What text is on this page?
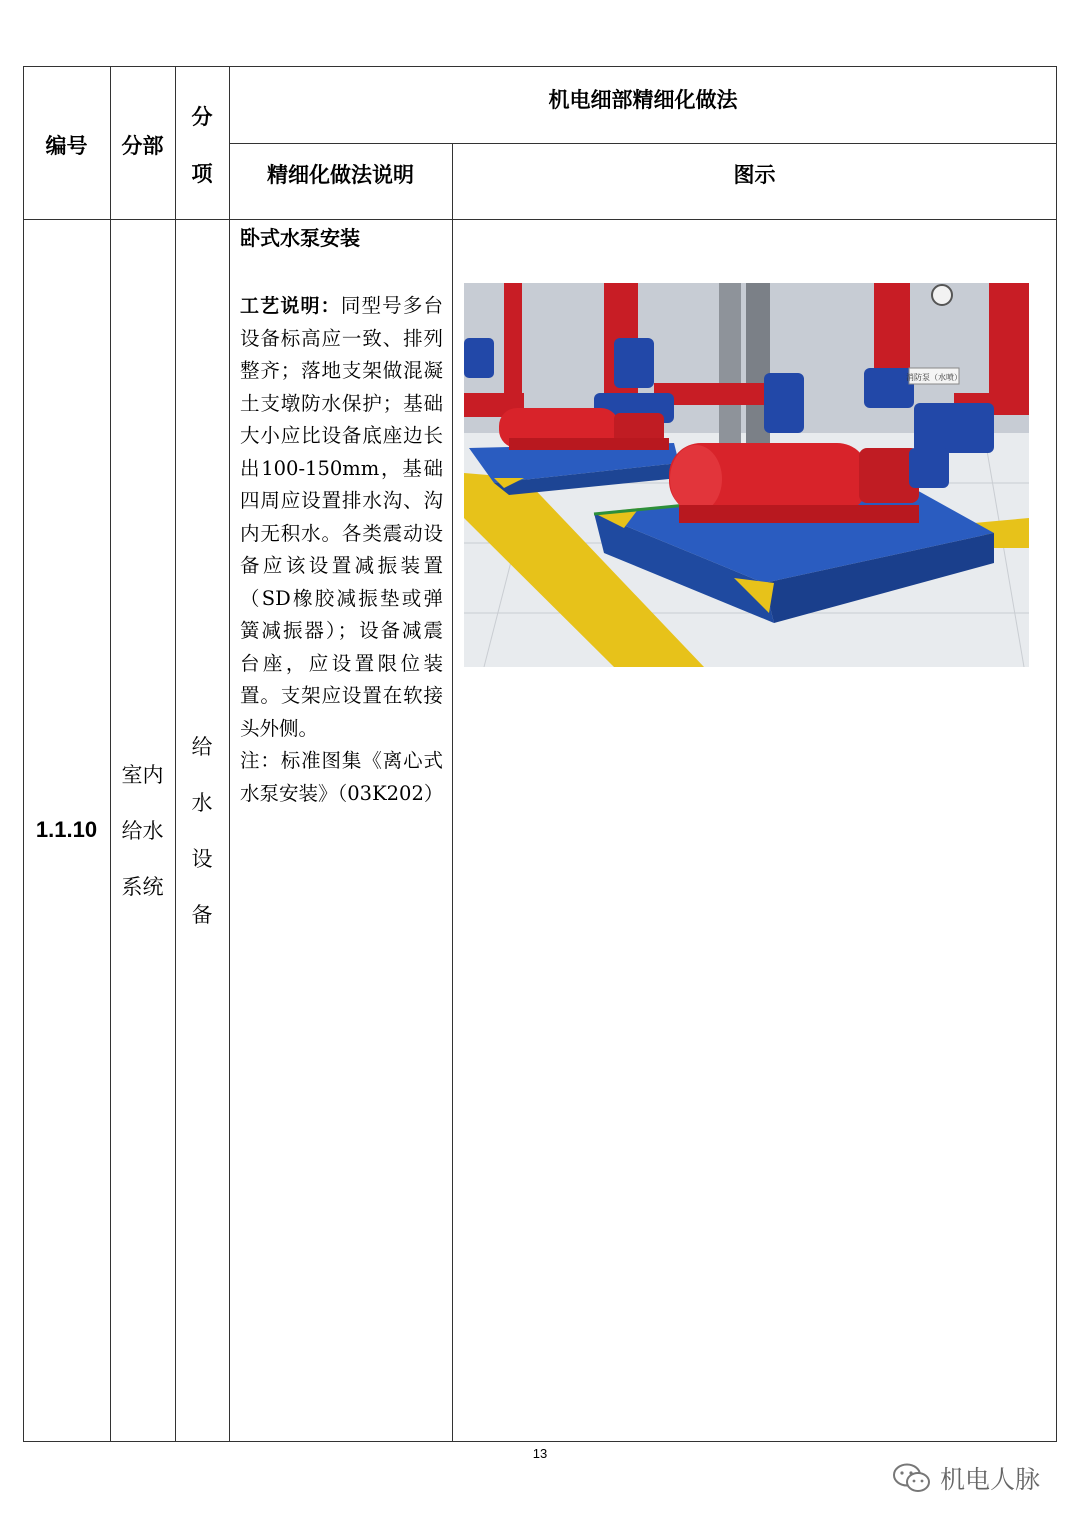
编号	分部
分
项
机电细部精细化做法
精细化做法说明	图示
1.1.10
室内
给水
系统
给
水
设
备
卧式水泵安装
工艺说明：同型号多台设备标高应一致、排列整齐；落地支架做混凝土支墩防水保护；基础大小应比设备底座边长出100-150mm，基础四周应设置排水沟、沟内无积水。各类震动设备应该设置减振装置（SD橡胶减振垫或弹簧减振器）；设备减震台座，应设置限位装置。支架应设置在软接头外侧。
注：标准图集《离心式水泵安装》（03K202）
消防泵（水喷）
13
机电人脉
